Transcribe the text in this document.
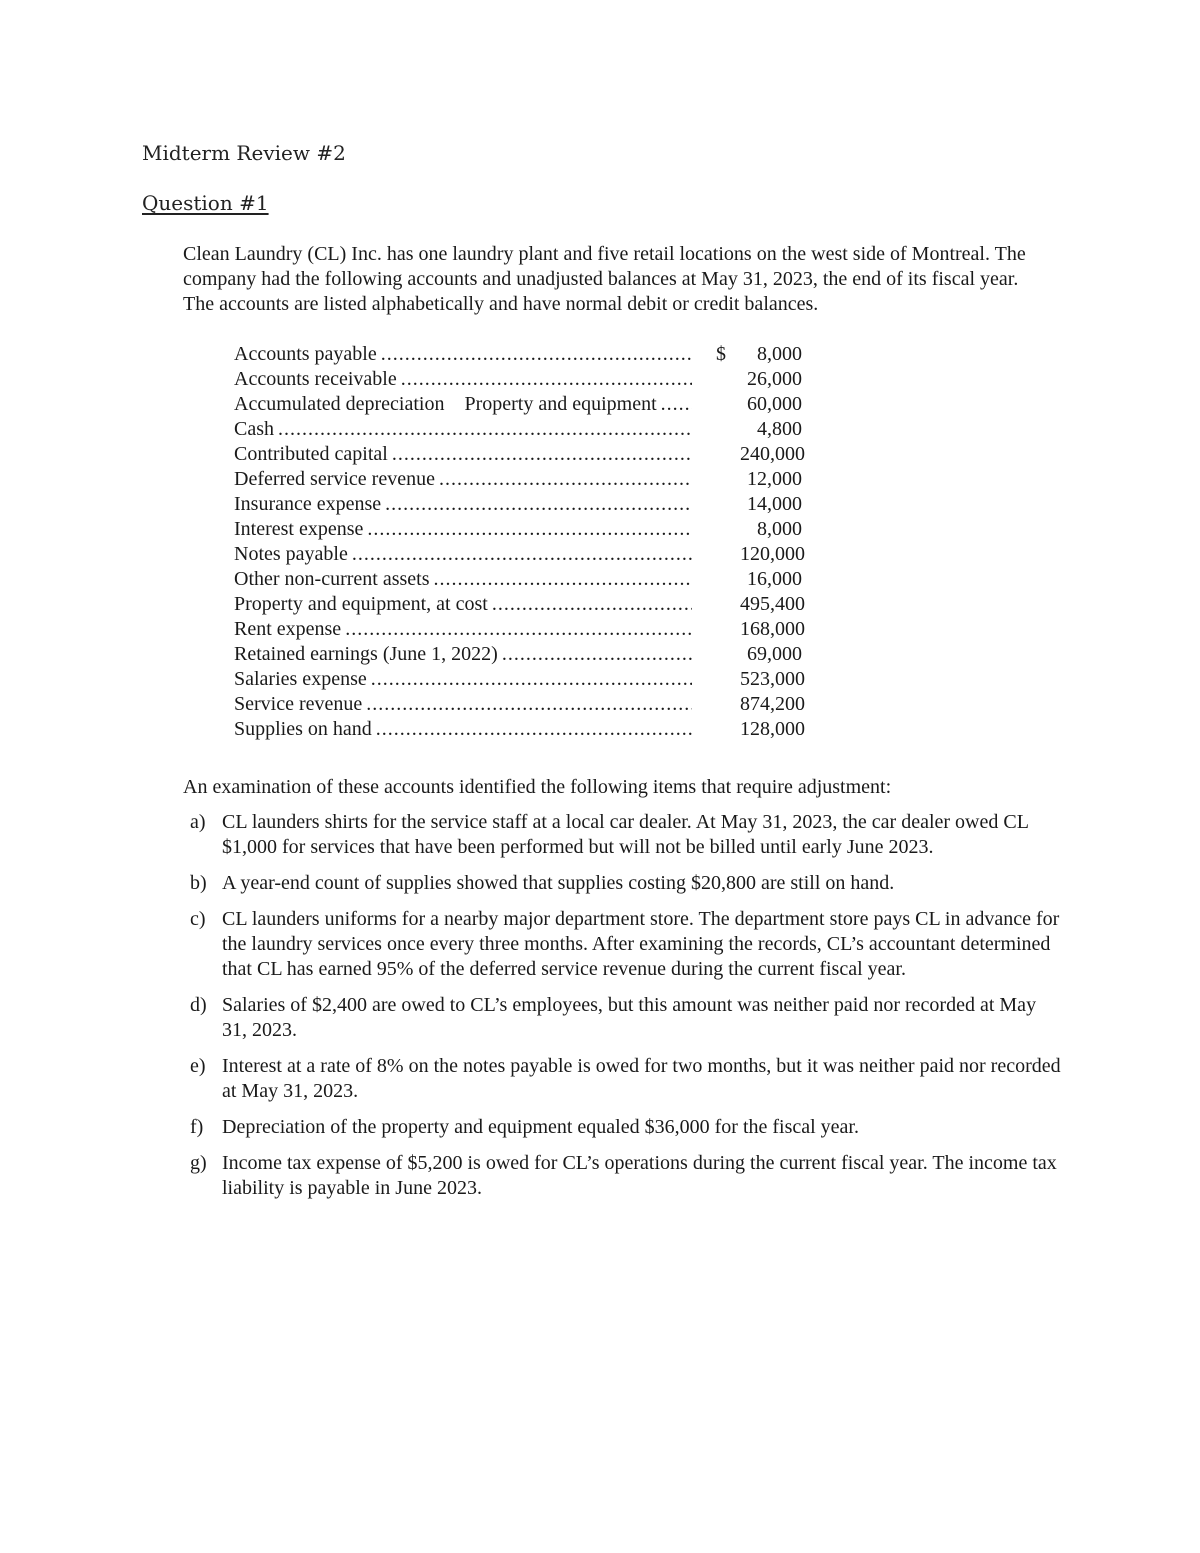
Midterm Review #2
Question #1
Clean Laundry (CL) Inc. has one laundry plant and five retail locations on the west side of Montreal. The company had the following accounts and unadjusted balances at May 31, 2023, the end of its fiscal year. The accounts are listed alphabetically and have normal debit or credit balances.
Accounts payable .....	$	8,000
Accounts receivable .....	26,000
Accumulated depreciation    Property and equipment .....	60,000
Cash .....	4,800
Contributed capital .....	240,000
Deferred service revenue .....	12,000
Insurance expense .....	14,000
Interest expense .....	8,000
Notes payable .....	120,000
Other non-current assets .....	16,000
Property and equipment, at cost .....	495,400
Rent expense .....	168,000
Retained earnings (June 1, 2022) .....	69,000
Salaries expense .....	523,000
Service revenue .....	874,200
Supplies on hand .....	128,000
An examination of these accounts identified the following items that require adjustment:
a) CL launders shirts for the service staff at a local car dealer. At May 31, 2023, the car dealer owed CL $1,000 for services that have been performed but will not be billed until early June 2023.
b) A year-end count of supplies showed that supplies costing $20,800 are still on hand.
c) CL launders uniforms for a nearby major department store. The department store pays CL in advance for the laundry services once every three months. After examining the records, CL’s accountant determined that CL has earned 95% of the deferred service revenue during the current fiscal year.
d) Salaries of $2,400 are owed to CL’s employees, but this amount was neither paid nor recorded at May 31, 2023.
e) Interest at a rate of 8% on the notes payable is owed for two months, but it was neither paid nor recorded at May 31, 2023.
f) Depreciation of the property and equipment equaled $36,000 for the fiscal year.
g) Income tax expense of $5,200 is owed for CL’s operations during the current fiscal year. The income tax liability is payable in June 2023.
